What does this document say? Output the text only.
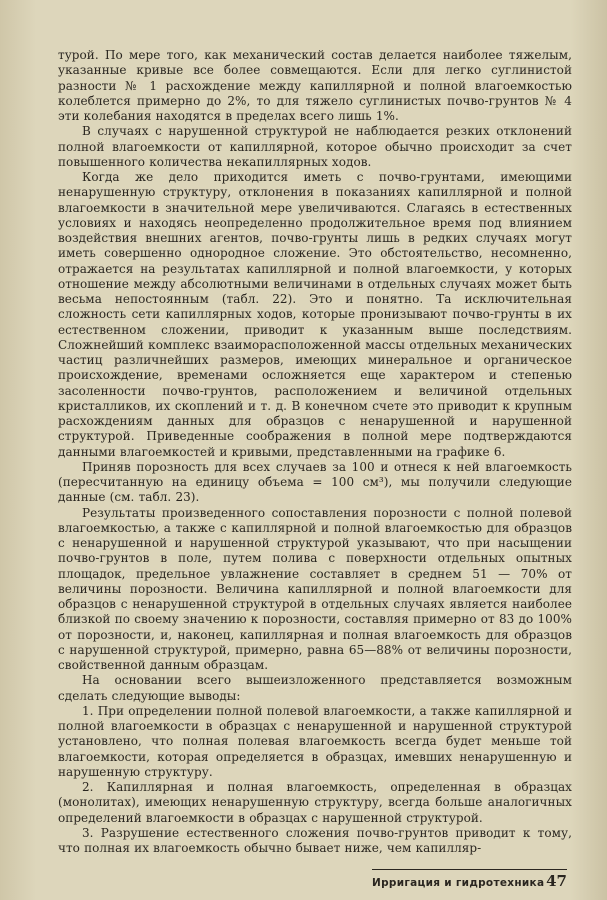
турой. По мере того, как механический состав делается наиболее тяжелым, указанные кривые все более совмещаются. Если для легко суглинистой разности № 1 расхождение между капиллярной и полной влагоемкостью колеблется примерно до 2%, то для тяжело суглинистых почво-грунтов № 4 эти колебания находятся в пределах всего лишь 1%.

В случаях с нарушенной структурой не наблюдается резких отклонений полной влагоемкости от капиллярной, которое обычно происходит за счет повышенного количества некапиллярных ходов.

Когда же дело приходится иметь с почво-грунтами, имеющими ненарушенную структуру, отклонения в показаниях капиллярной и полной влагоемкости в значительной мере увеличиваются. Слагаясь в естественных условиях и находясь неопределенно продолжительное время под влиянием воздействия внешних агентов, почво-грунты лишь в редких случаях могут иметь совершенно однородное сложение. Это обстоятельство, несомненно, отражается на результатах капиллярной и полной влагоемкости, у которых отношение между абсолютными величинами в отдельных случаях может быть весьма непостоянным (табл. 22). Это и понятно. Та исключительная сложность сети капиллярных ходов, которые пронизывают почво-грунты в их естественном сложении, приводит к указанным выше последствиям. Сложнейший комплекс взаиморасположенной массы отдельных механических частиц различнейших размеров, имеющих минеральное и органическое происхождение, временами осложняется еще характером и степенью засоленности почво-грунтов, расположением и величиной отдельных кристалликов, их скоплений и т. д. В конечном счете это приводит к крупным расхождениям данных для образцов с ненарушенной и нарушенной структурой. Приведенные соображения в полной мере подтверждаются данными влагоемкостей и кривыми, представленными на графике 6.

Приняв порозность для всех случаев за 100 и отнеся к ней влагоемкость (пересчитанную на единицу объема = 100 см³), мы получили следующие данные (см. табл. 23).

Результаты произведенного сопоставления порозности с полной полевой влагоемкостью, а также с капиллярной и полной влагоемкостью для образцов с ненарушенной и нарушенной структурой указывают, что при насыщении почво-грунтов в поле, путем полива с поверхности отдельных опытных площадок, предельное увлажнение составляет в среднем 51 — 70% от величины порозности. Величина капиллярной и полной влагоемкости для образцов с ненарушенной структурой в отдельных случаях является наиболее близкой по своему значению к порозности, составляя примерно от 83 до 100% от порозности, и, наконец, капиллярная и полная влагоемкость для образцов с нарушенной структурой, примерно, равна 65—88% от величины порозности, свойственной данным образцам.

На основании всего вышеизложенного представляется возможным сделать следующие выводы:

1. При определении полной полевой влагоемкости, а также капиллярной и полной влагоемкости в образцах с ненарушенной и нарушенной структурой установлено, что полная полевая влагоемкость всегда будет меньше той влагоемкости, которая определяется в образцах, имевших ненарушенную и нарушенную структуру.

2. Капиллярная и полная влагоемкость, определенная в образцах (монолитах), имеющих ненарушенную структуру, всегда больше аналогичных определений влагоемкости в образцах с нарушенной структурой.

3. Разрушение естественного сложения почво-грунтов приводит к тому, что полная их влагоемкость обычно бывает ниже, чем капилляр-

Ирригация и гидротехника 47
